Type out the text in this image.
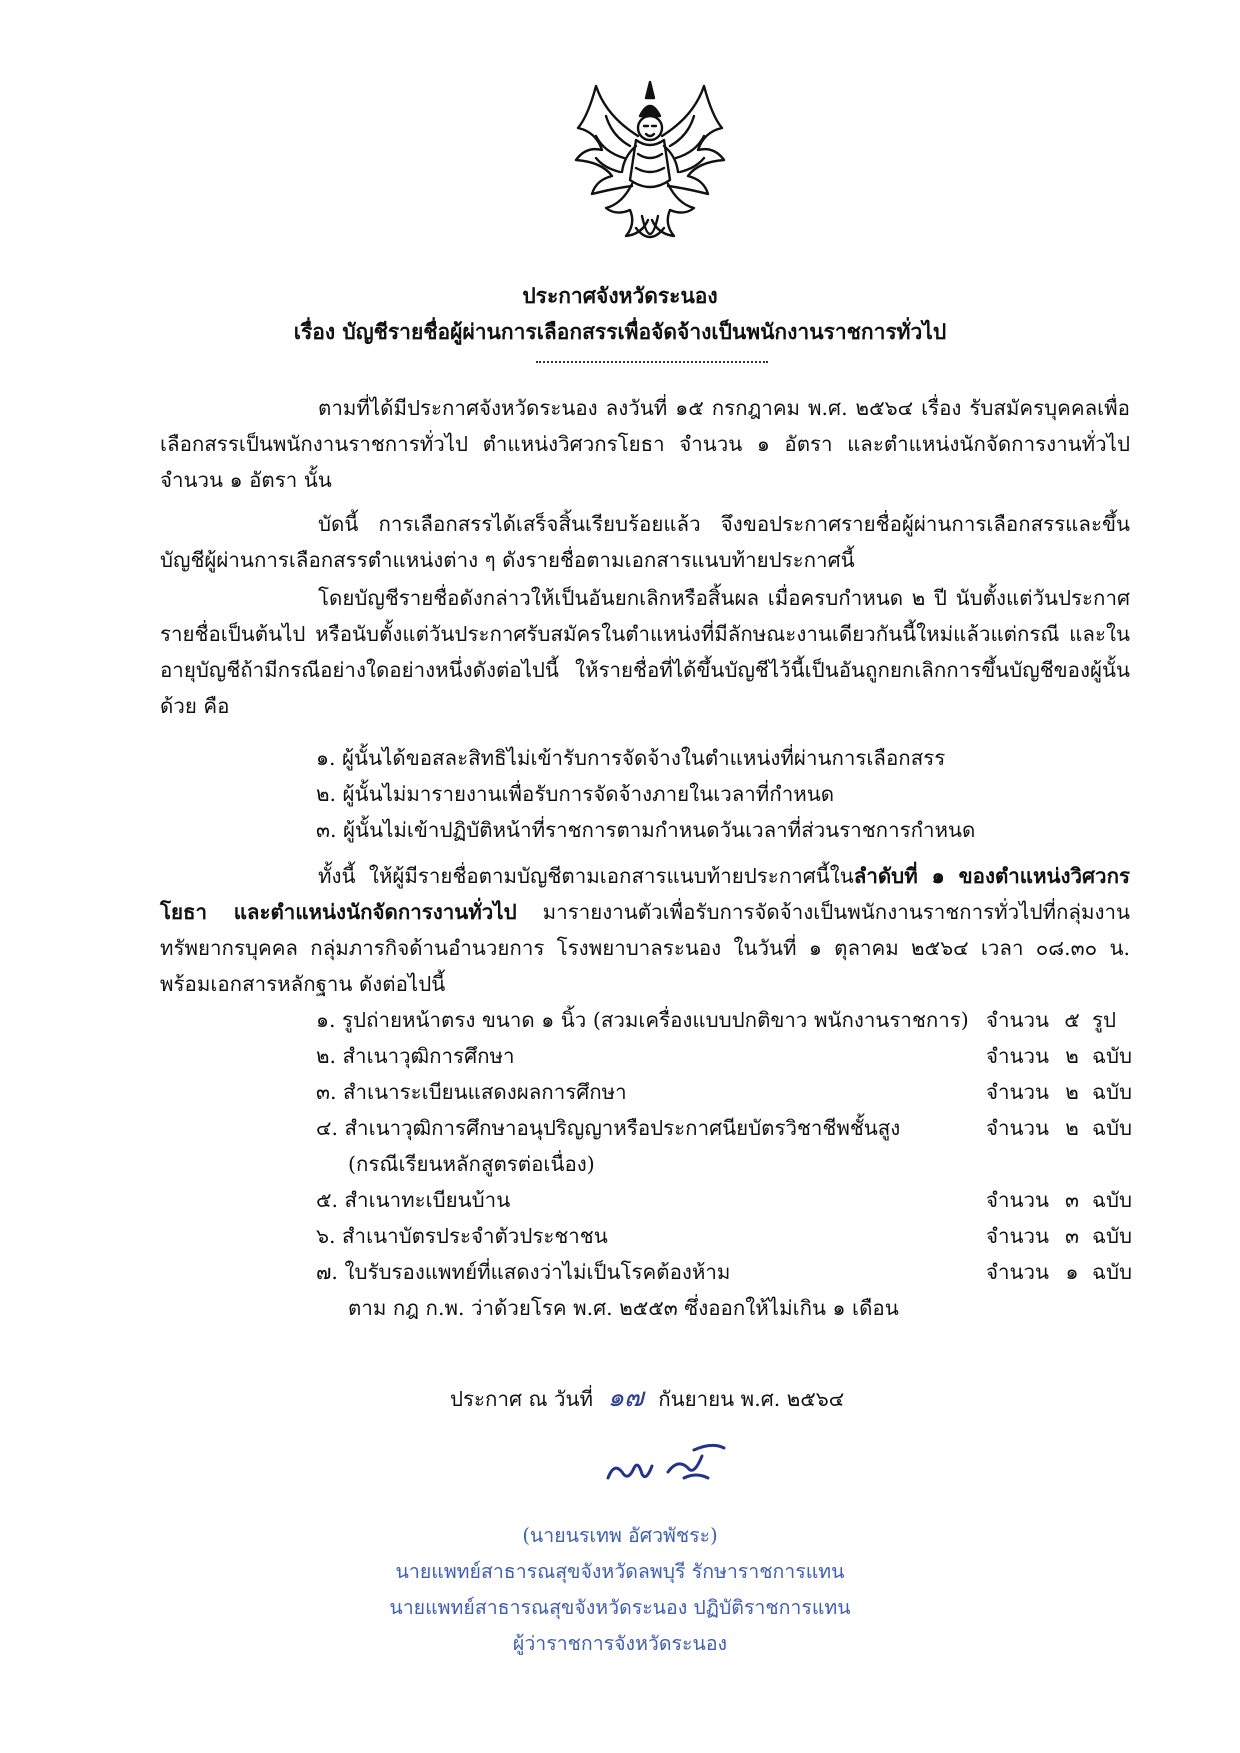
ประกาศจังหวัดระนอง
เรื่อง บัญชีรายชื่อผู้ผ่านการเลือกสรรเพื่อจัดจ้างเป็นพนักงานราชการทั่วไป
ตามที่ได้มีประกาศจังหวัดระนอง ลงวันที่ ๑๕ กรกฎาคม พ.ศ. ๒๕๖๔ เรื่อง รับสมัครบุคคลเพื่อเลือกสรรเป็นพนักงานราชการทั่วไป ตำแหน่งวิศวกรโยธา จำนวน ๑ อัตรา และตำแหน่งนักจัดการงานทั่วไป จำนวน ๑ อัตรา นั้น
บัดนี้ การเลือกสรรได้เสร็จสิ้นเรียบร้อยแล้ว จึงขอประกาศรายชื่อผู้ผ่านการเลือกสรรและขึ้นบัญชีผู้ผ่านการเลือกสรรตำแหน่งต่าง ๆ ดังรายชื่อตามเอกสารแนบท้ายประกาศนี้
โดยบัญชีรายชื่อดังกล่าวให้เป็นอันยกเลิกหรือสิ้นผล เมื่อครบกำหนด ๒ ปี นับตั้งแต่วันประกาศรายชื่อเป็นต้นไป หรือนับตั้งแต่วันประกาศรับสมัครในตำแหน่งที่มีลักษณะงานเดียวกันนี้ใหม่แล้วแต่กรณี และในอายุบัญชีถ้ามีกรณีอย่างใดอย่างหนึ่งดังต่อไปนี้ ให้รายชื่อที่ได้ขึ้นบัญชีไว้นี้เป็นอันถูกยกเลิกการขึ้นบัญชีของผู้นั้นด้วย คือ
๑. ผู้นั้นได้ขอสละสิทธิไม่เข้ารับการจัดจ้างในตำแหน่งที่ผ่านการเลือกสรร
๒. ผู้นั้นไม่มารายงานเพื่อรับการจัดจ้างภายในเวลาที่กำหนด
๓. ผู้นั้นไม่เข้าปฏิบัติหน้าที่ราชการตามกำหนดวันเวลาที่ส่วนราชการกำหนด
ทั้งนี้ ให้ผู้มีรายชื่อตามบัญชีตามเอกสารแนบท้ายประกาศนี้ในลำดับที่ ๑ ของตำแหน่งวิศวกรโยธา และตำแหน่งนักจัดการงานทั่วไป มารายงานตัวเพื่อรับการจัดจ้างเป็นพนักงานราชการทั่วไปที่กลุ่มงานทรัพยากรบุคคล กลุ่มภารกิจด้านอำนวยการ โรงพยาบาลระนอง ในวันที่ ๑ ตุลาคม ๒๕๖๔ เวลา ๐๘.๓๐ น. พร้อมเอกสารหลักฐาน ดังต่อไปนี้
๑. รูปถ่ายหน้าตรง ขนาด ๑ นิ้ว (สวมเครื่องแบบปกติขาว พนักงานราชการ) จำนวน ๕ รูป
๒. สำเนาวุฒิการศึกษา	จำนวน ๒ ฉบับ
๓. สำเนาระเบียนแสดงผลการศึกษา	จำนวน ๒ ฉบับ
๔. สำเนาวุฒิการศึกษาอนุปริญญาหรือประกาศนียบัตรวิชาชีพชั้นสูง	จำนวน ๒ ฉบับ
(กรณีเรียนหลักสูตรต่อเนื่อง)
๕. สำเนาทะเบียนบ้าน	จำนวน ๓ ฉบับ
๖. สำเนาบัตรประจำตัวประชาชน	จำนวน ๓ ฉบับ
๗. ใบรับรองแพทย์ที่แสดงว่าไม่เป็นโรคต้องห้าม	จำนวน ๑ ฉบับ
ตาม กฎ ก.พ. ว่าด้วยโรค พ.ศ. ๒๕๕๓ ซึ่งออกให้ไม่เกิน ๑ เดือน
ประกาศ ณ วันที่ ๑๗ กันยายน พ.ศ. ๒๕๖๔
(นายนรเทพ อัศวพัชระ)
นายแพทย์สาธารณสุขจังหวัดลพบุรี รักษาราชการแทน
นายแพทย์สาธารณสุขจังหวัดระนอง ปฏิบัติราชการแทน
ผู้ว่าราชการจังหวัดระนอง
